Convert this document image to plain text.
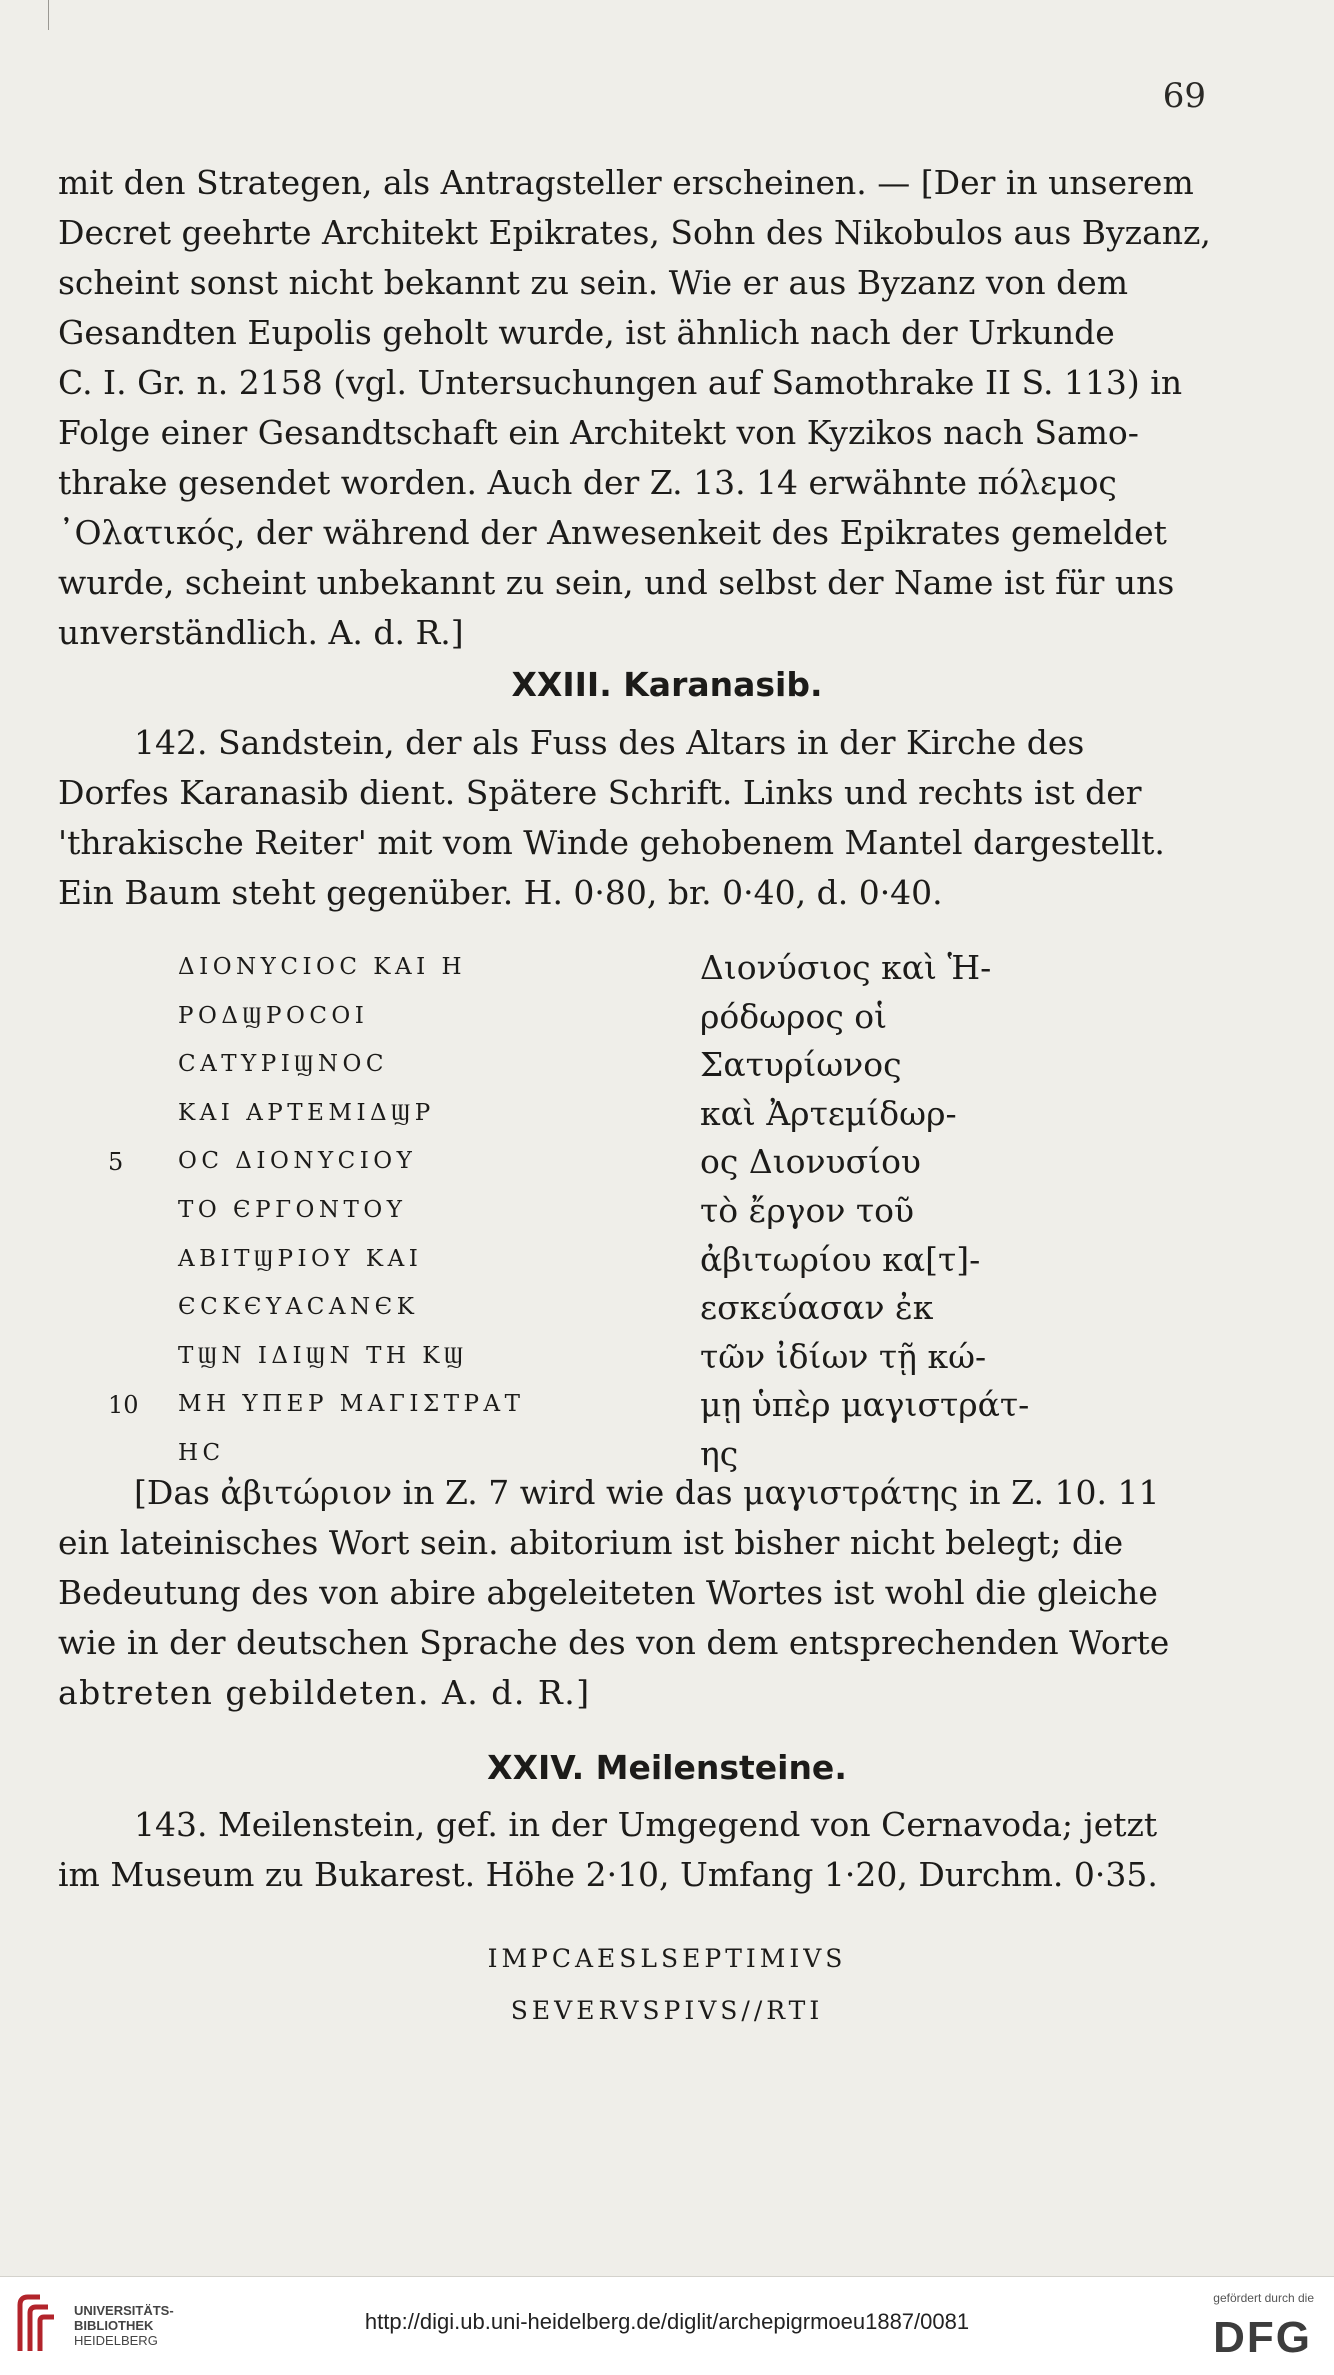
69
mit den Strategen, als Antragsteller erscheinen. — [Der in unserem
Decret geehrte Architekt Epikrates, Sohn des Nikobulos aus Byzanz,
scheint sonst nicht bekannt zu sein. Wie er aus Byzanz von dem
Gesandten Eupolis geholt wurde, ist ähnlich nach der Urkunde
C. I. Gr. n. 2158 (vgl. Untersuchungen auf Samothrake II S. 113) in
Folge einer Gesandtschaft ein Architekt von Kyzikos nach Samo-
thrake gesendet worden. Auch der Z. 13. 14 erwähnte πόλεμος
᾿Ολατικός, der während der Anwesenkeit des Epikrates gemeldet
wurde, scheint unbekannt zu sein, und selbst der Name ist für uns
unverständlich. A. d. R.]
XXIII. Karanasib.
142. Sandstein, der als Fuss des Altars in der Kirche des
Dorfes Karanasib dient. Spätere Schrift. Links und rechts ist der
'thrakische Reiter' mit vom Winde gehobenem Mantel dargestellt.
Ein Baum steht gegenüber. H. 0·80, br. 0·40, d. 0·40.
ΔΙΟΝΥϹΙΟϹ ΚΑΙ Η	Διονύσιος καὶ Ἡ-
ΡΟΔϢΡΟϹΟΙ	ρόδωρος οἱ
ϹΑΤΥΡΙϢΝΟϹ	Σατυρίωνος
ΚΑΙ ΑΡΤΕΜΙΔϢΡ	καὶ Ἀρτεμίδωρ-
5 ΟϹ ΔΙΟΝΥϹΙΟΥ	ος Διονυσίου
ΤΟ ЄΡΓΟΝΤΟΥ	τὸ ἔργον τοῦ
ΑΒΙΤϢΡΙΟΥ ΚΑΙ	ἀβιτωρίου κα[τ]-
ЄϹΚЄΥΑϹΑΝЄΚ	εσκεύασαν ἐκ
ΤϢΝ ΙΔΙϢΝ ΤΗ ΚϢ	τῶν ἰδίων τῇ κώ-
10 ΜΗ ΥΠΕΡ ΜΑΓΙΣΤΡΑΤ	μῃ ὑπὲρ μαγιστράτ-
ΗϹ	ης
[Das ἀβιτώριον in Z. 7 wird wie das μαγιστράτης in Z. 10. 11
ein lateinisches Wort sein. abitorium ist bisher nicht belegt; die
Bedeutung des von abire abgeleiteten Wortes ist wohl die gleiche
wie in der deutschen Sprache des von dem entsprechenden Worte
abtreten gebildeten. A. d. R.]
XXIV. Meilensteine.
143. Meilenstein, gef. in der Umgegend von Cernavoda; jetzt
im Museum zu Bukarest. Höhe 2·10, Umfang 1·20, Durchm. 0·35.
IMPCAESLSEPTIMIVS
SEVERVSPIVS//RTI
UNIVERSITÄTS-
BIBLIOTHEK
HEIDELBERG
http://digi.ub.uni-heidelberg.de/diglit/archepigrmoeu1887/0081
gefördert durch die
DFG
